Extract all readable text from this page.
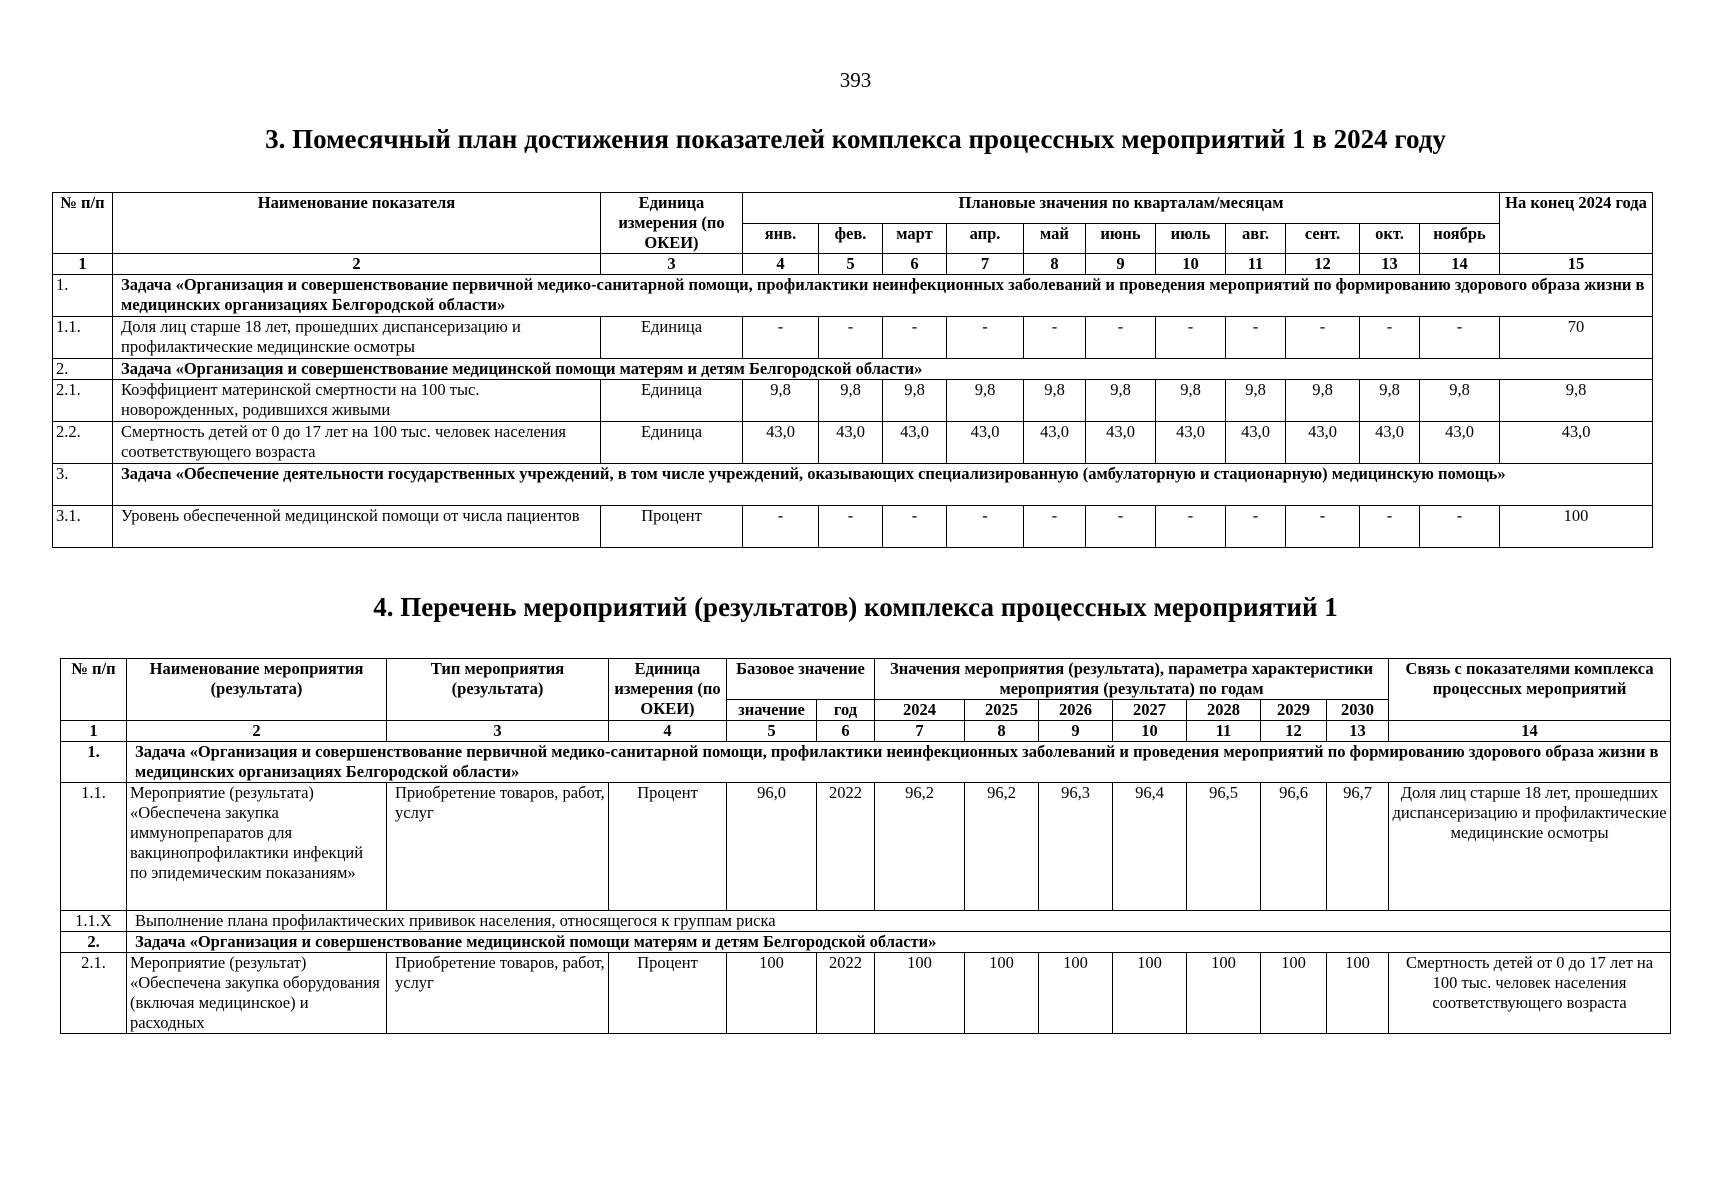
393
3. Помесячный план достижения показателей комплекса процессных мероприятий 1 в 2024 году
№ п/п	Наименование показателя	Единица измерения (по ОКЕИ)	Плановые значения по кварталам/месяцам											На конец 2024 года
			янв.	фев.	март	апр.	май	июнь	июль	авг.	сент.	окт.	ноябрь	
1	2	3	4	5	6	7	8	9	10	11	12	13	14	15
1.	Задача «Организация и совершенствование первичной медико-санитарной помощи, профилактики неинфекционных заболеваний и проведения мероприятий по формированию здорового образа жизни в медицинских организациях Белгородской области»													
1.1.	Доля лиц старше 18 лет, прошедших диспансеризацию и профилактические медицинские осмотры	Единица	-	-	-	-	-	-	-	-	-	-	-	70
2.	Задача «Организация и совершенствование медицинской помощи матерям и детям Белгородской области»													
2.1.	Коэффициент материнской смертности на 100 тыс. новорожденных, родившихся живыми	Единица	9,8	9,8	9,8	9,8	9,8	9,8	9,8	9,8	9,8	9,8	9,8	9,8
2.2.	Смертность детей от 0 до 17 лет на 100 тыс. человек населения соответствующего возраста	Единица	43,0	43,0	43,0	43,0	43,0	43,0	43,0	43,0	43,0	43,0	43,0	43,0
3.	Задача «Обеспечение деятельности государственных учреждений, в том числе учреждений, оказывающих специализированную (амбулаторную и стационарную) медицинскую помощь»													
3.1.	Уровень обеспеченной медицинской помощи от числа пациентов	Процент	-	-	-	-	-	-	-	-	-	-	-	100
4. Перечень мероприятий (результатов) комплекса процессных мероприятий 1
№ п/п	Наименование мероприятия (результата)	Тип мероприятия (результата)	Единица измерения (по ОКЕИ)	Базовое значение		Значения мероприятия (результата), параметра характеристики мероприятия (результата) по годам							Связь с показателями комплекса процессных мероприятий
				значение	год	2024	2025	2026	2027	2028	2029	2030	
1	2	3	4	5	6	7	8	9	10	11	12	13	14
1.	Задача «Организация и совершенствование первичной медико-санитарной помощи, профилактики неинфекционных заболеваний и проведения мероприятий по формированию здорового образа жизни в медицинских организациях Белгородской области»												
1.1.	Мероприятие (результата) «Обеспечена закупка иммунопрепаратов для вакцинопрофилактики инфекций по эпидемическим показаниям»	Приобретение товаров, работ, услуг	Процент	96,0	2022	96,2	96,2	96,3	96,4	96,5	96,6	96,7	Доля лиц старше 18 лет, прошедших диспансеризацию и профилактические медицинские осмотры
1.1.Х	Выполнение плана профилактических прививок населения, относящегося к группам риска												
2.	Задача «Организация и совершенствование медицинской помощи матерям и детям Белгородской области»												
2.1.	Мероприятие (результат) «Обеспечена закупка оборудования (включая медицинское) и расходных	Приобретение товаров, работ, услуг	Процент	100	2022	100	100	100	100	100	100	100	Смертность детей от 0 до 17 лет на 100 тыс. человек населения соответствующего возраста
